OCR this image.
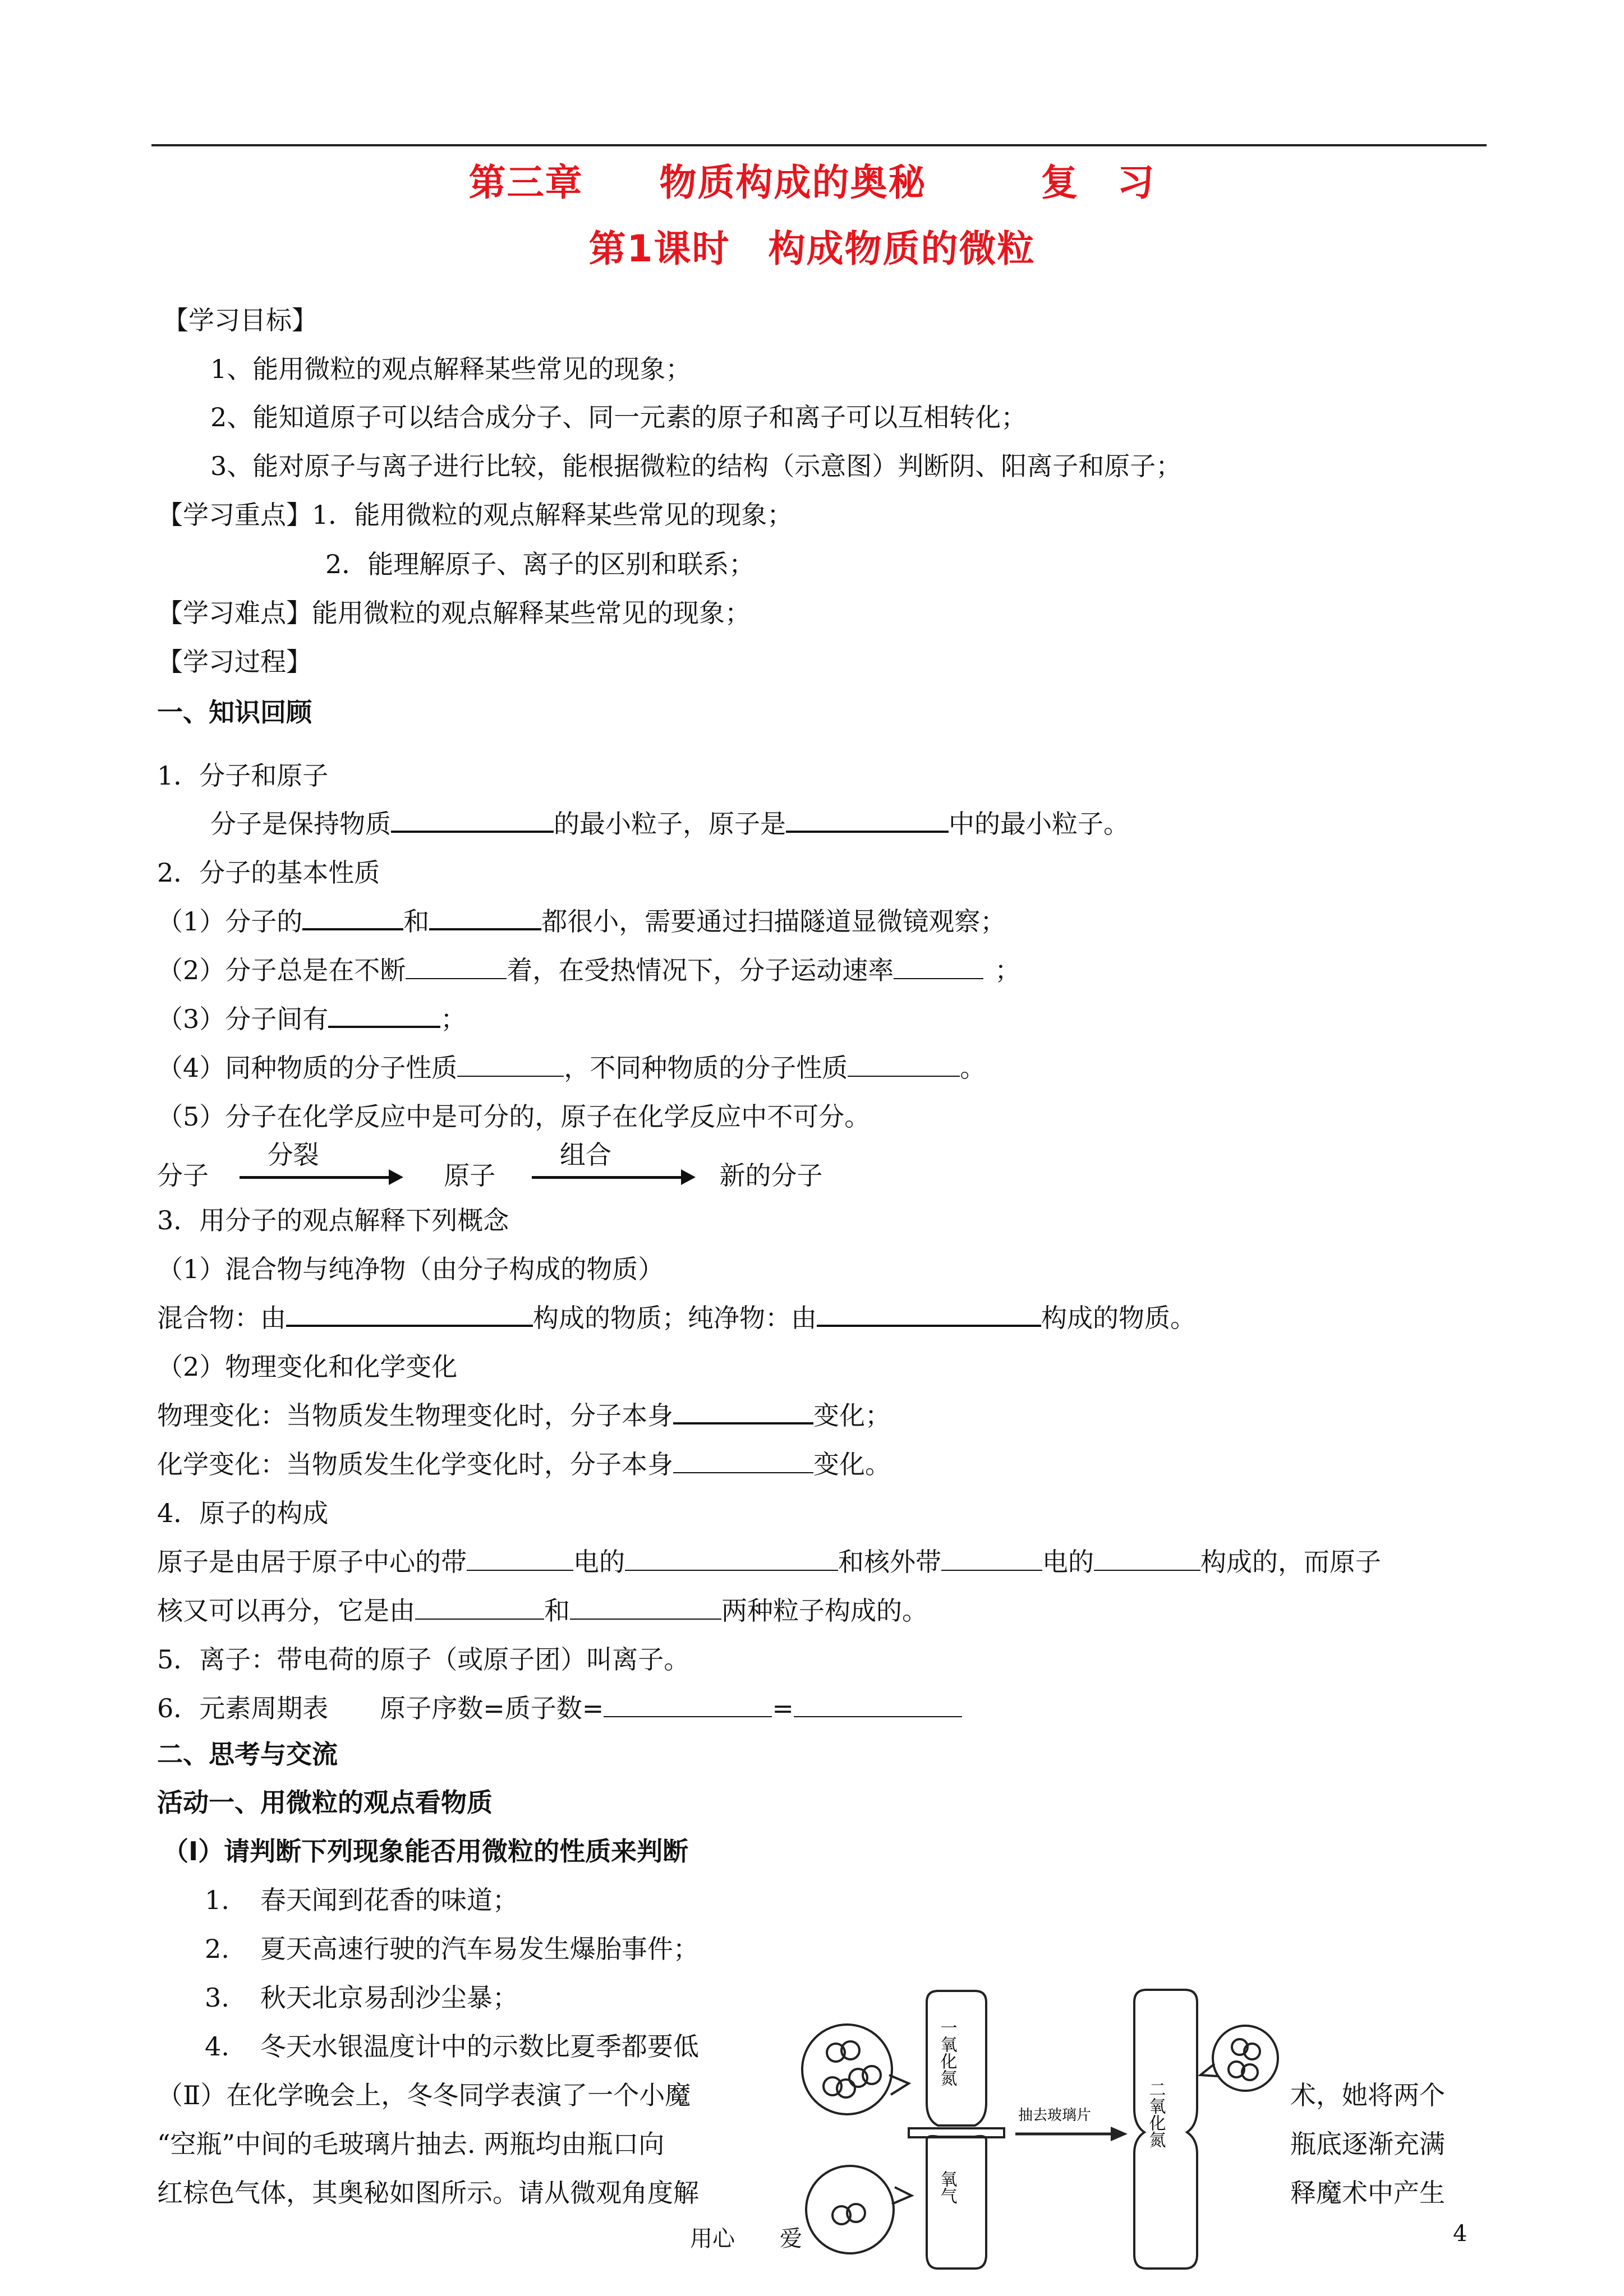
第三章　　物质构成的奥秘　　　复　习
第1课时　构成物质的微粒
【学习目标】
1、能用微粒的观点解释某些常见的现象；
2、能知道原子可以结合成分子、同一元素的原子和离子可以互相转化；
3、能对原子与离子进行比较，能根据微粒的结构（示意图）判断阴、阳离子和原子；
【学习重点】1．能用微粒的观点解释某些常见的现象；
2．能理解原子、离子的区别和联系；
【学习难点】能用微粒的观点解释某些常见的现象；
【学习过程】
一、知识回顾
1．分子和原子
分子是保持物质	的最小粒子，原子是	中的最小粒子。
2．分子的基本性质
（1）分子的	和	都很小，需要通过扫描隧道显微镜观察；
（2）分子总是在不断	着，在受热情况下，分子运动速率	；
（3）分子间有	；
（4）同种物质的分子性质	，不同种物质的分子性质	。
（5）分子在化学反应中是可分的，原子在化学反应中不可分。
分子
分裂
原子
组合
新的分子
3．用分子的观点解释下列概念
（1）混合物与纯净物（由分子构成的物质）
混合物：由	构成的物质；纯净物：由	构成的物质。
（2）物理变化和化学变化
物理变化：当物质发生物理变化时，分子本身	变化；
化学变化：当物质发生化学变化时，分子本身	变化。
4．原子的构成
原子是由居于原子中心的带	电的	和核外带	电的	构成的，而原子
核又可以再分，它是由	和	两种粒子构成的。
5．离子：带电荷的原子（或原子团）叫离子。
6．元素周期表　　原子序数=质子数=	=
二、思考与交流
活动一、用微粒的观点看物质
（Ⅰ）请判断下列现象能否用微粒的性质来判断
1. 春天闻到花香的味道；
2. 夏天高速行驶的汽车易发生爆胎事件；
3. 秋天北京易刮沙尘暴；
4. 冬天水银温度计中的示数比夏季都要低
（Ⅱ）在化学晚会上，冬冬同学表演了一个小魔	术，她将两个
“空瓶”中间的毛玻璃片抽去. 两瓶均由瓶口向	瓶底逐渐充满
红棕色气体，其奥秘如图所示。请从微观角度解	释魔术中产生
一氧化氮
氧气
抽去玻璃片	二氧化氮
用心　　爱	4
